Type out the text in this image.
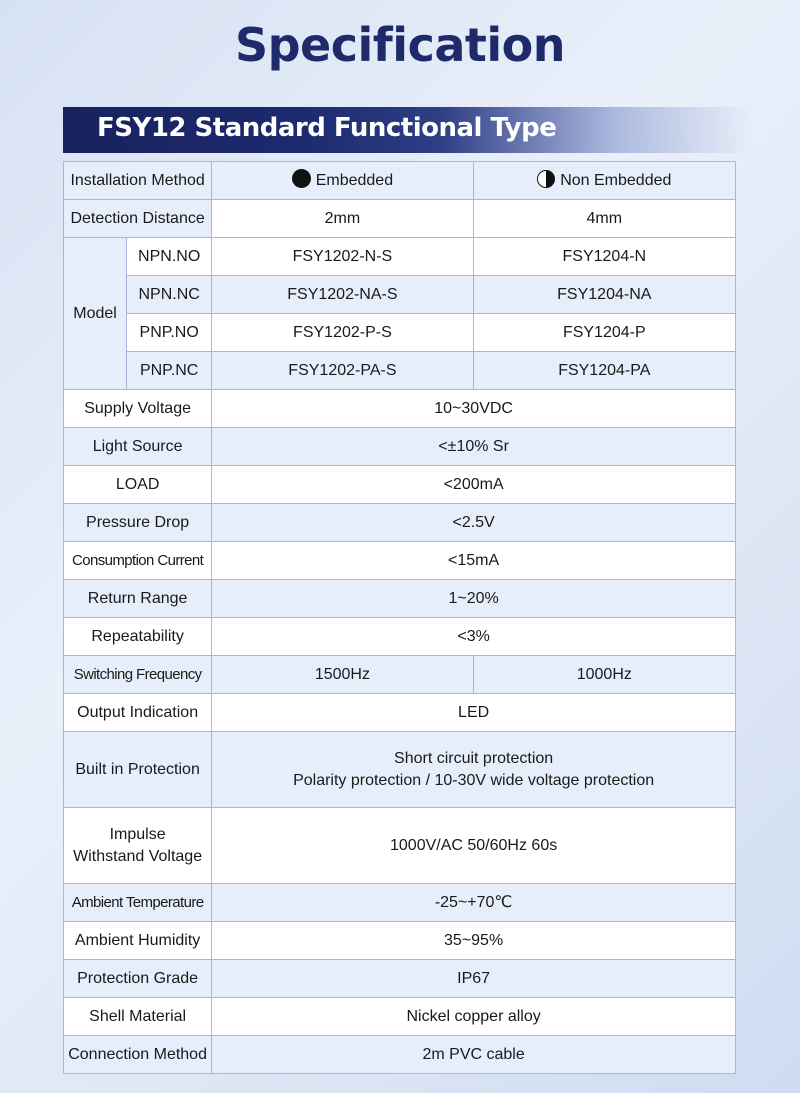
Specification
FSY12 Standard Functional Type
Installation Method		Embedded	Non Embedded
Detection Distance		2mm	4mm
Model	NPN.NO	FSY1202-N-S	FSY1204-N
	NPN.NC	FSY1202-NA-S	FSY1204-NA
	PNP.NO	FSY1202-P-S	FSY1204-P
	PNP.NC	FSY1202-PA-S	FSY1204-PA
Supply Voltage		10~30VDC	
Light Source		<±10% Sr	
LOAD		<200mA	
Pressure Drop		<2.5V	
Consumption Current		<15mA	
Return Range		1~20%	
Repeatability		<3%	
Switching Frequency		1500Hz	1000Hz
Output Indication		LED	
Built in Protection		Short circuit protection
Polarity protection / 10-30V wide voltage protection	

Impulse
Withstand Voltage		1000V/AC 50/60Hz 60s	
Ambient Temperature		-25~+70℃	
Ambient Humidity		35~95%	
Protection Grade		IP67	
Shell Material		Nickel copper alloy	
Connection Method		2m PVC cable	
